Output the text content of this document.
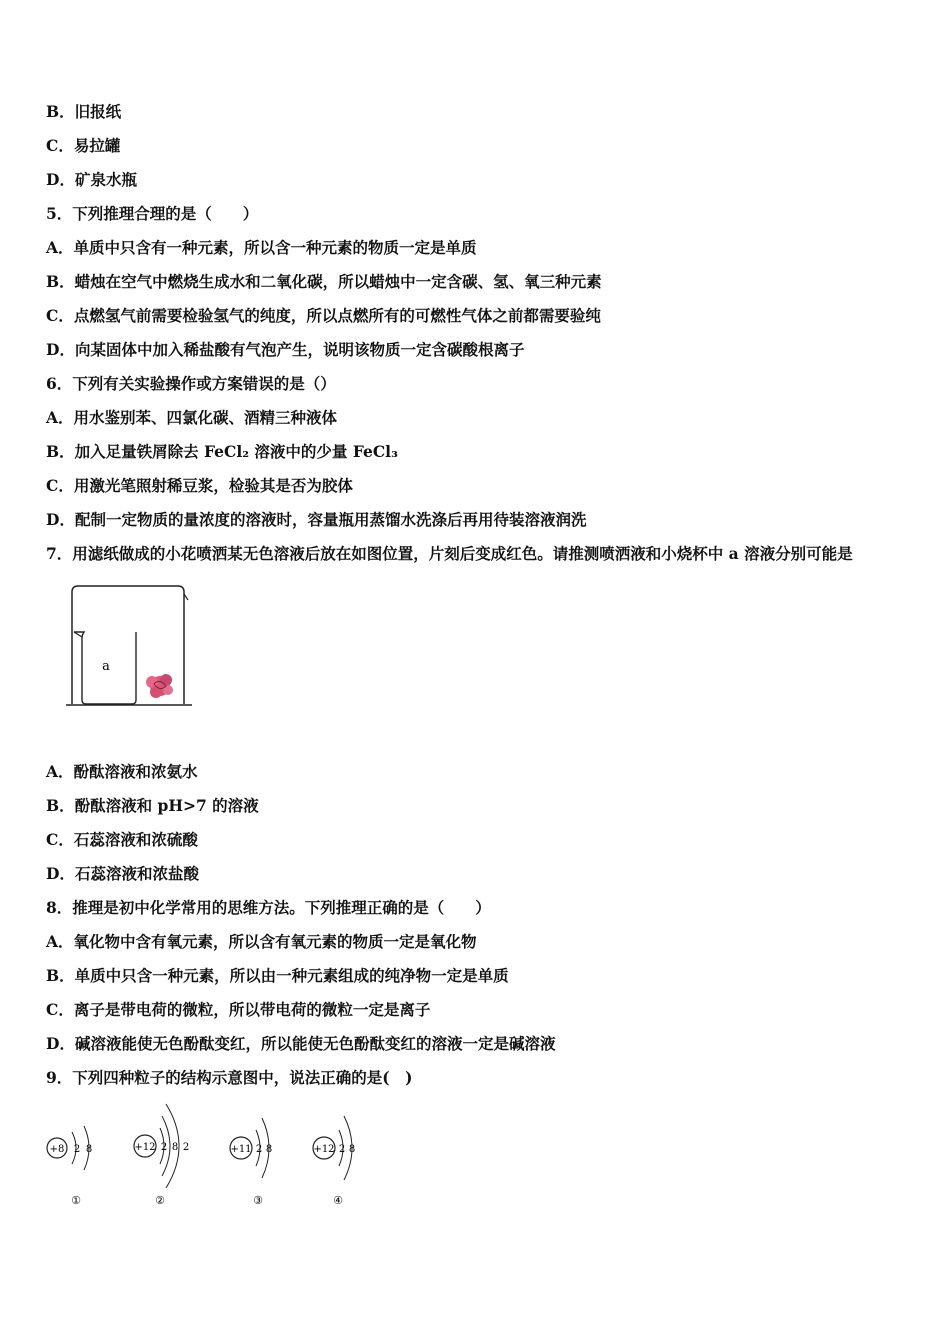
B．旧报纸
C．易拉罐
D．矿泉水瓶
5．下列推理合理的是（　　）
A．单质中只含有一种元素，所以含一种元素的物质一定是单质
B．蜡烛在空气中燃烧生成水和二氧化碳，所以蜡烛中一定含碳、氢、氧三种元素
C．点燃氢气前需要检验氢气的纯度，所以点燃所有的可燃性气体之前都需要验纯
D．向某固体中加入稀盐酸有气泡产生，说明该物质一定含碳酸根离子
6．下列有关实验操作或方案错误的是（）
A．用水鉴别苯、四氯化碳、酒精三种液体
B．加入足量铁屑除去 FeCl₂ 溶液中的少量 FeCl₃
C．用激光笔照射稀豆浆，检验其是否为胶体
D．配制一定物质的量浓度的溶液时，容量瓶用蒸馏水洗涤后再用待装溶液润洗
7．用滤纸做成的小花喷洒某无色溶液后放在如图位置，片刻后变成红色。请推测喷洒液和小烧杯中 a 溶液分别可能是
a
A．酚酞溶液和浓氨水
B．酚酞溶液和 pH>7 的溶液
C．石蕊溶液和浓硫酸
D．石蕊溶液和浓盐酸
8．推理是初中化学常用的思维方法。下列推理正确的是（　　）
A．氧化物中含有氧元素，所以含有氧元素的物质一定是氧化物
B．单质中只含一种元素，所以由一种元素组成的纯净物一定是单质
C．离子是带电荷的微粒，所以带电荷的微粒一定是离子
D．碱溶液能使无色酚酞变红，所以能使无色酚酞变红的溶液一定是碱溶液
9．下列四种粒子的结构示意图中，说法正确的是(　)
+8 2 8
①
+12 2 8 2
②
+11 2 8
③
+12 2 8
④
